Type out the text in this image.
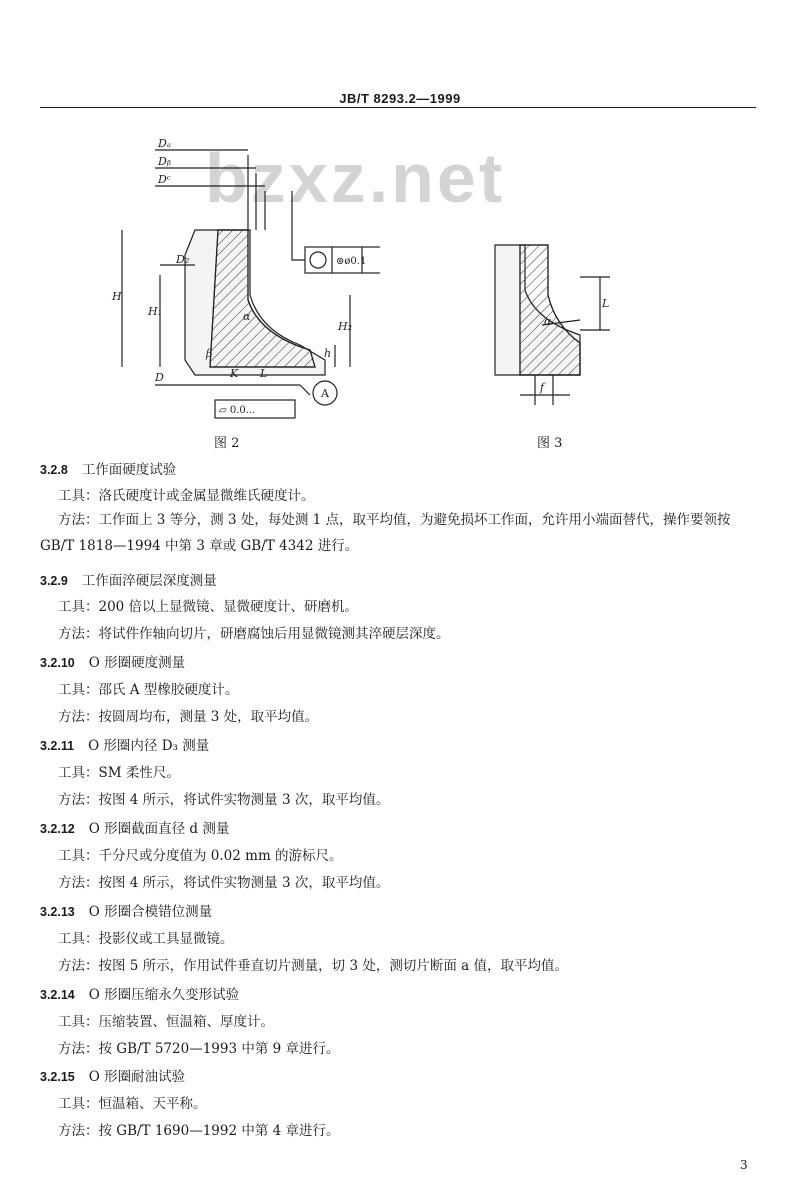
JB/T 8293.2—1999
bzxz.net
Dₐ
Dᵦ
Dᶜ
D₂
H
H₁
H₂
h
D
α
β
K L
A
⊚ø0.1
▱ 0.0...
图 2
L
f
α
图 3
3.2.8 工作面硬度试验
工具：洛氏硬度计或金属显微维氏硬度计。
方法：工作面上 3 等分，测 3 处，每处测 1 点，取平均值，为避免损坏工作面，允许用小端面替代，操作要领按 GB/T 1818—1994 中第 3 章或 GB/T 4342 进行。
3.2.9 工作面淬硬层深度测量
工具：200 倍以上显微镜、显微硬度计、研磨机。
方法：将试件作轴向切片，研磨腐蚀后用显微镜测其淬硬层深度。
3.2.10 O 形圈硬度测量
工具：邵氏 A 型橡胶硬度计。
方法：按圆周均布，测量 3 处，取平均值。
3.2.11 O 形圈内径 D₃ 测量
工具：SM 柔性尺。
方法：按图 4 所示，将试件实物测量 3 次，取平均值。
3.2.12 O 形圈截面直径 d 测量
工具：千分尺或分度值为 0.02 mm 的游标尺。
方法：按图 4 所示，将试件实物测量 3 次，取平均值。
3.2.13 O 形圈合模错位测量
工具：投影仪或工具显微镜。
方法：按图 5 所示，作用试件垂直切片测量，切 3 处，测切片断面 a 值，取平均值。
3.2.14 O 形圈压缩永久变形试验
工具：压缩装置、恒温箱、厚度计。
方法：按 GB/T 5720—1993 中第 9 章进行。
3.2.15 O 形圈耐油试验
工具：恒温箱、天平称。
方法：按 GB/T 1690—1992 中第 4 章进行。
3
